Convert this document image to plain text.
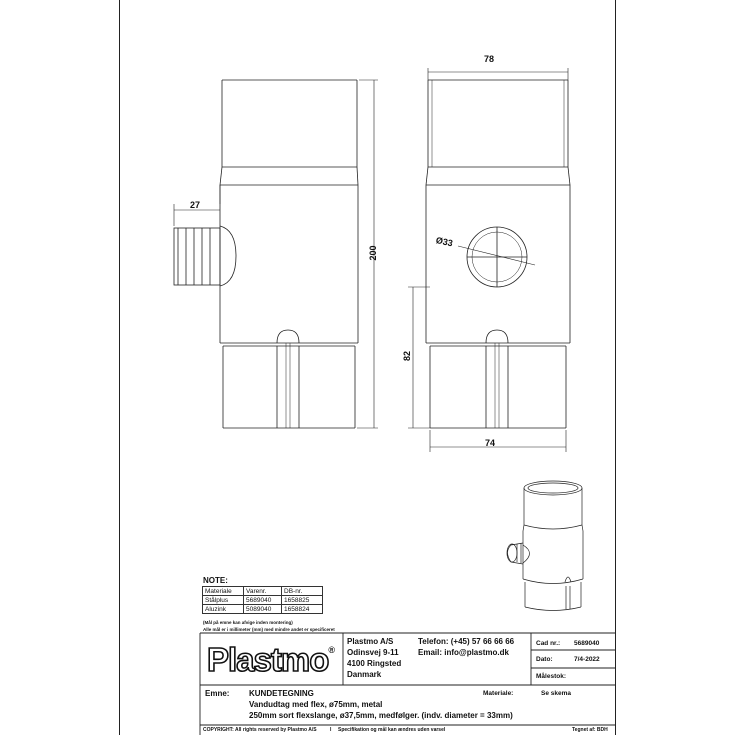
78
74
200
27
Ø33
82
NOTE:
Materiale	Varenr.	DB-nr.
Stålplus	5689040	1658825
Aluzink	5089040	1658824
(Mål på emne kan afvige inden montering)
Alle mål er i millimeter (mm) med mindre andet er specificeret
Plastmo®
Plastmo A/S
Odinsvej 9-11
4100 Ringsted
Danmark
Telefon: (+45) 57 66 66 66
Email: info@plastmo.dk
Cad nr.: 5689040
Dato:	7/4-2022
Målestok:
Emne: KUNDETEGNING
Vandudtag med flex, ø75mm, metal
250mm sort flexslange, ø37,5mm, medfølger. (indv. diameter = 33mm)
Materiale:	Se skema
COPYRIGHT: All rights reserved by Plastmo A/S	I Specifikation og mål kan ændres uden varsel	Tegnet af: BDH
